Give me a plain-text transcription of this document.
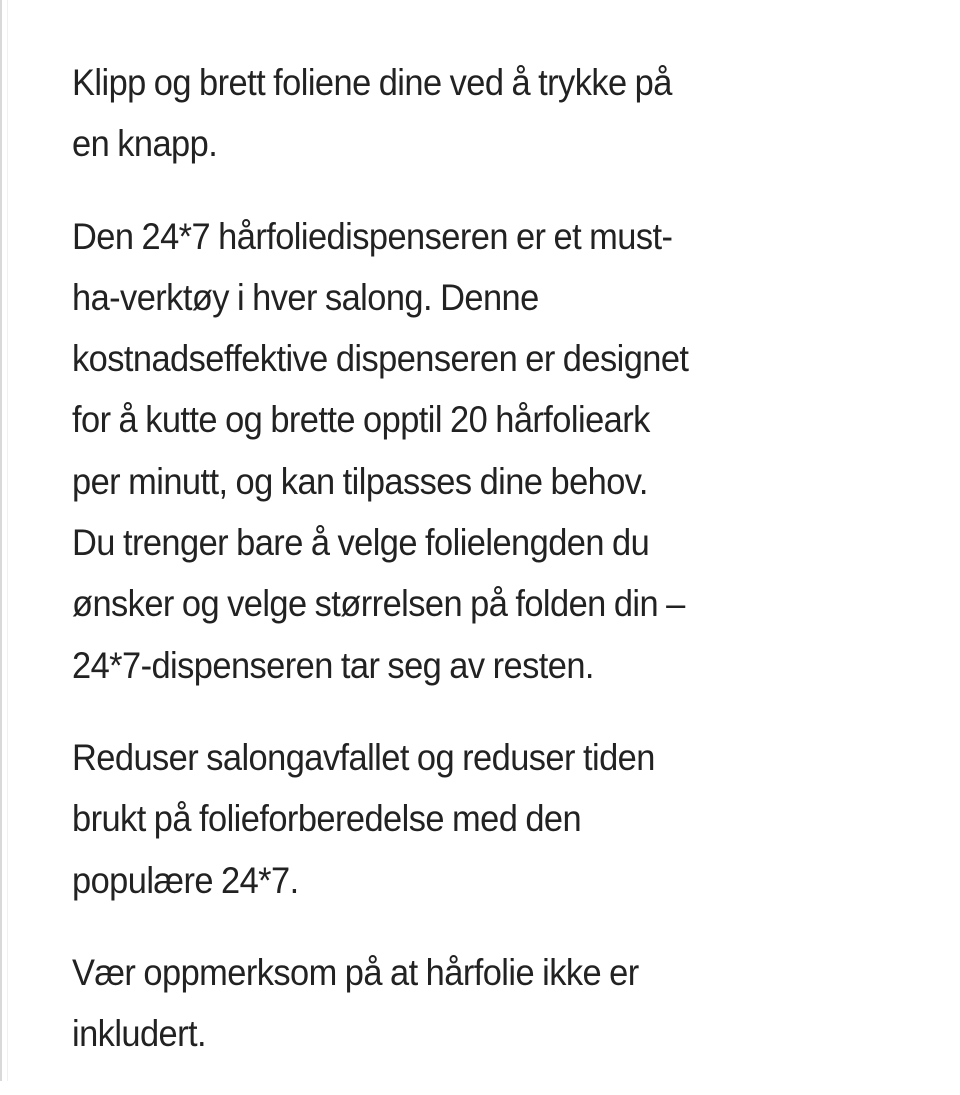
Klipp og brett foliene dine ved å trykke på
en knapp.

Den 24*7 hårfoliedispenseren er et must-
ha-verktøy i hver salong. Denne
kostnadseffektive dispenseren er designet
for å kutte og brette opptil 20 hårfolieark
per minutt, og kan tilpasses dine behov.
Du trenger bare å velge folielengden du
ønsker og velge størrelsen på folden din –
24*7-dispenseren tar seg av resten.

Reduser salongavfallet og reduser tiden
brukt på folieforberedelse med den
populære 24*7.

Vær oppmerksom på at hårfolie ikke er
inkludert.
